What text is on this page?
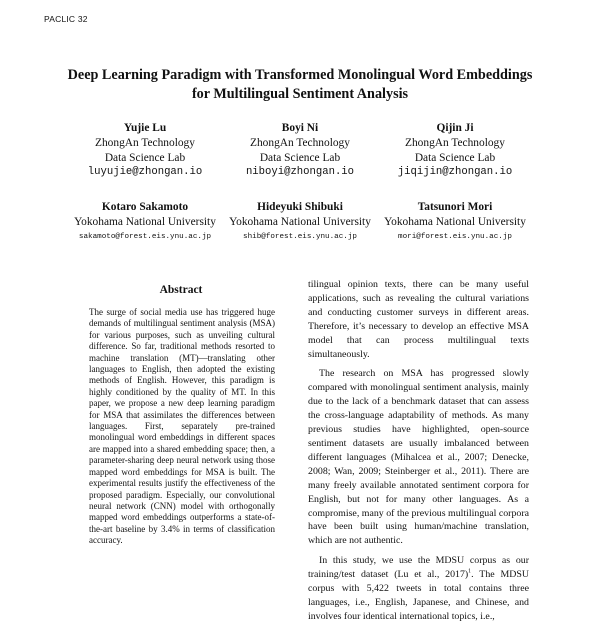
PACLIC 32
Deep Learning Paradigm with Transformed Monolingual Word Embeddings for Multilingual Sentiment Analysis
Yujie Lu
ZhongAn Technology
Data Science Lab
luyujie@zhongan.io
Boyi Ni
ZhongAn Technology
Data Science Lab
niboyi@zhongan.io
Qijin Ji
ZhongAn Technology
Data Science Lab
jiqijin@zhongan.io
Kotaro Sakamoto
Yokohama National University
sakamoto@forest.eis.ynu.ac.jp
Hideyuki Shibuki
Yokohama National University
shib@forest.eis.ynu.ac.jp
Tatsunori Mori
Yokohama National University
mori@forest.eis.ynu.ac.jp
Abstract
The surge of social media use has triggered huge demands of multilingual sentiment analysis (MSA) for various purposes, such as unveiling cultural difference. So far, traditional methods resorted to machine translation (MT)—translating other languages to English, then adopted the existing methods of English. However, this paradigm is highly conditioned by the quality of MT. In this paper, we propose a new deep learning paradigm for MSA that assimilates the differences between languages. First, separately pre-trained monolingual word embeddings in different spaces are mapped into a shared embedding space; then, a parameter-sharing deep neural network using those mapped word embeddings for MSA is built. The experimental results justify the effectiveness of the proposed paradigm. Especially, our convolutional neural network (CNN) model with orthogonally mapped word embeddings outperforms a state-of-the-art baseline by 3.4% in terms of classification accuracy.

tilingual opinion texts, there can be many useful applications, such as revealing the cultural variations and conducting customer surveys in different areas. Therefore, it’s necessary to develop an effective MSA model that can process multilingual texts simultaneously.

The research on MSA has progressed slowly compared with monolingual sentiment analysis, mainly due to the lack of a benchmark dataset that can assess the cross-language adaptability of methods. As many previous studies have highlighted, open-source sentiment datasets are usually imbalanced between different languages (Mihalcea et al., 2007; Denecke, 2008; Wan, 2009; Steinberger et al., 2011). There are many freely available annotated sentiment corpora for English, but not for many other languages. As a compromise, many of the previous multilingual corpora have been built using human/machine translation, which are not authentic.

In this study, we use the MDSU corpus as our training/test dataset (Lu et al., 2017)$^1$. The MDSU corpus with 5,422 tweets in total contains three languages, i.e., English, Japanese, and Chinese, and involves four identical international topics, i.e.,
